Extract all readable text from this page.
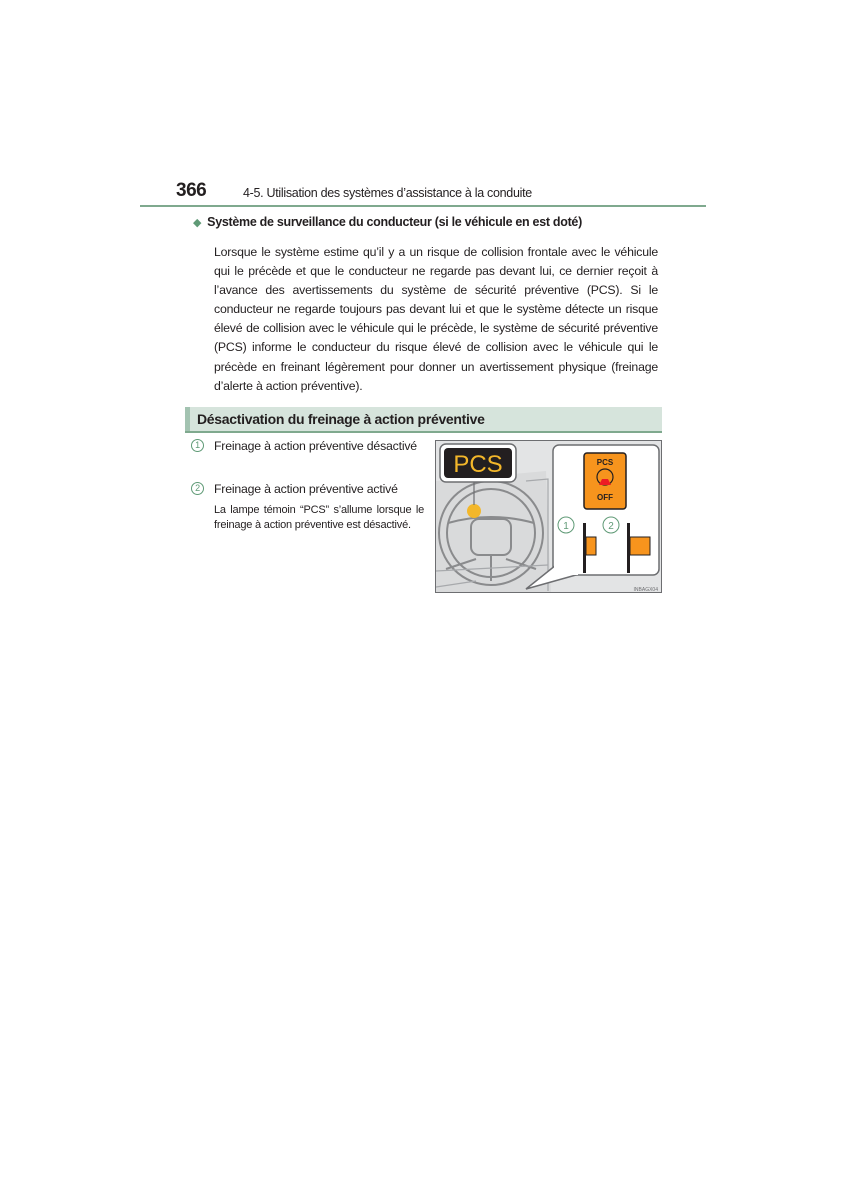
366	4-5. Utilisation des systèmes d’assistance à la conduite
◆ Système de surveillance du conducteur (si le véhicule en est doté)

Lorsque le système estime qu’il y a un risque de collision frontale avec le véhicule qui le précède et que le conducteur ne regarde pas devant lui, ce dernier reçoit à l’avance des avertissements du système de sécurité préventive (PCS). Si le conducteur ne regarde toujours pas devant lui et que le système détecte un risque élevé de collision avec le véhicule qui le précède, le système de sécurité préventive (PCS) informe le conducteur du risque élevé de collision avec le véhicule qui le précède en freinant légèrement pour donner un avertissement physique (freinage d’alerte à action préventive).

Désactivation du freinage à action préventive
1	Freinage à action préventive désactivé
2	Freinage à action préventive activé

La lampe témoin “PCS” s’allume lorsque le freinage à action préventive est désactivé.

PCS	PCS
OFF
1	2
INBAGX04
